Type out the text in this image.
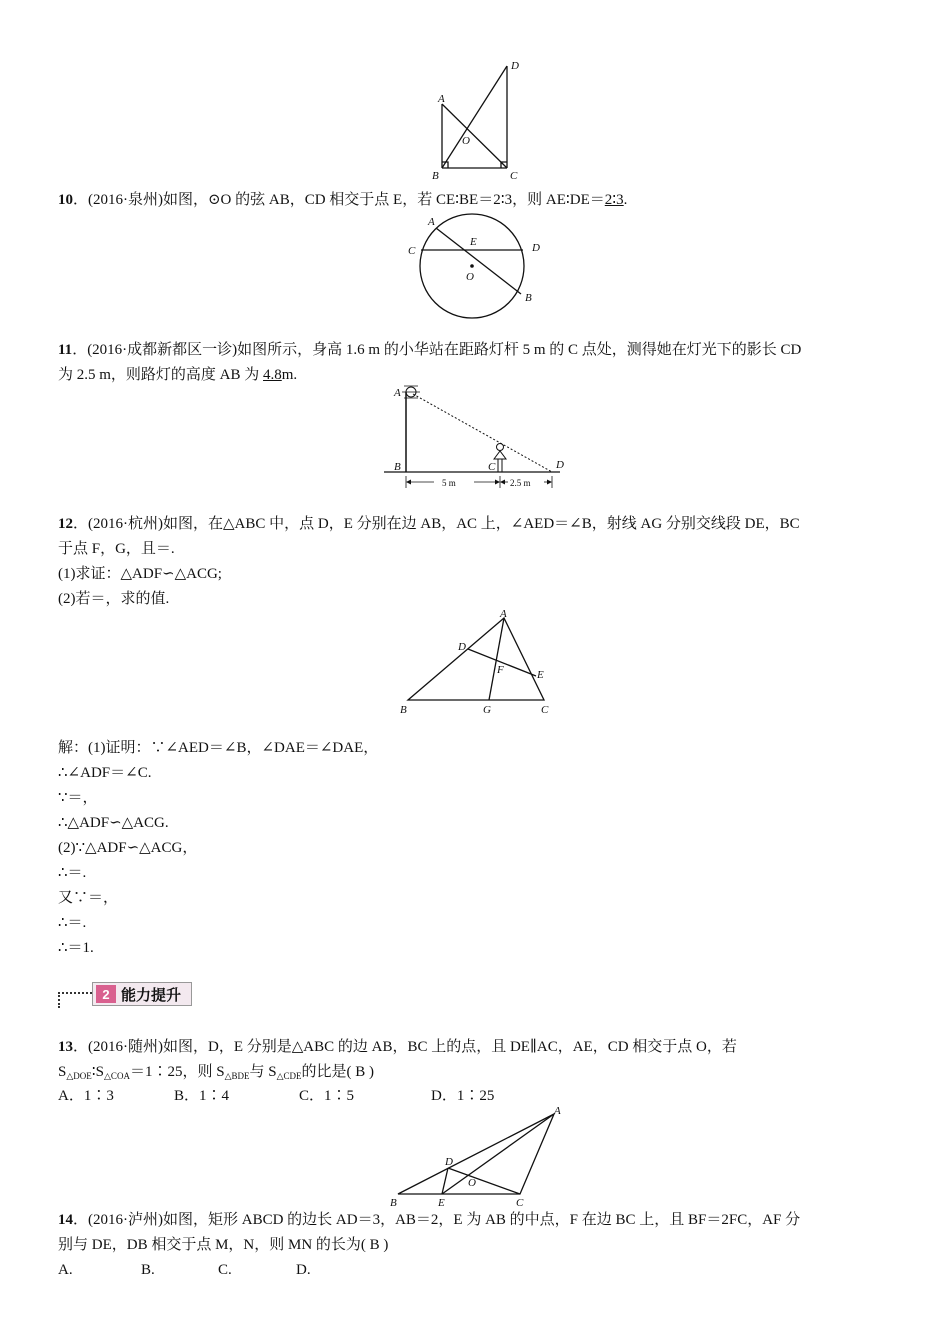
A
B	C
D
O
10．(2016·泉州)如图，⊙O 的弦 AB，CD 相交于点 E，若 CE∶BE＝2∶3，则 AE∶DE＝2∶3.
A
B
C	D
E
O
11．(2016·成都新都区一诊)如图所示，身高 1.6 m 的小华站在距路灯杆 5 m 的 C 点处，测得她在灯光下的影长 CD
为 2.5 m，则路灯的高度 AB 为 4.8m.
A
B	C	D
5 m	2.5 m
12．(2016·杭州)如图，在△ABC 中，点 D，E 分别在边 AB，AC 上，∠AED＝∠B，射线 AG 分别交线段 DE，BC
于点 F，G，且＝.
(1)求证：△ADF∽△ACG;
(2)若＝，求的值.
A
B	C
D
E
F
G
解：(1)证明：∵∠AED＝∠B，∠DAE＝∠DAE，
∴∠ADF＝∠C.
∵＝，
∴△ADF∽△ACG.
(2)∵△ADF∽△ACG，
∴＝.
又∵＝，
∴＝.
∴＝1.
2 能力提升
13．(2016·随州)如图，D，E 分别是△ABC 的边 AB，BC 上的点，且 DE∥AC，AE，CD 相交于点 O，若
$S_{\triangle DOE}∶S_{\triangle COA}=1∶25$，则 $S_{\triangle BDE}$与 $S_{\triangle CDE}$的比是( B )
A．1∶3	B．1∶4	C．1∶5	D．1∶25
A
B	C
D
E
O
14．(2016·泸州)如图，矩形 ABCD 的边长 AD＝3，AB＝2，E 为 AB 的中点，F 在边 BC 上，且 BF＝2FC，AF 分
别与 DE，DB 相交于点 M，N，则 MN 的长为( B )
A.	B.	C.	D.
